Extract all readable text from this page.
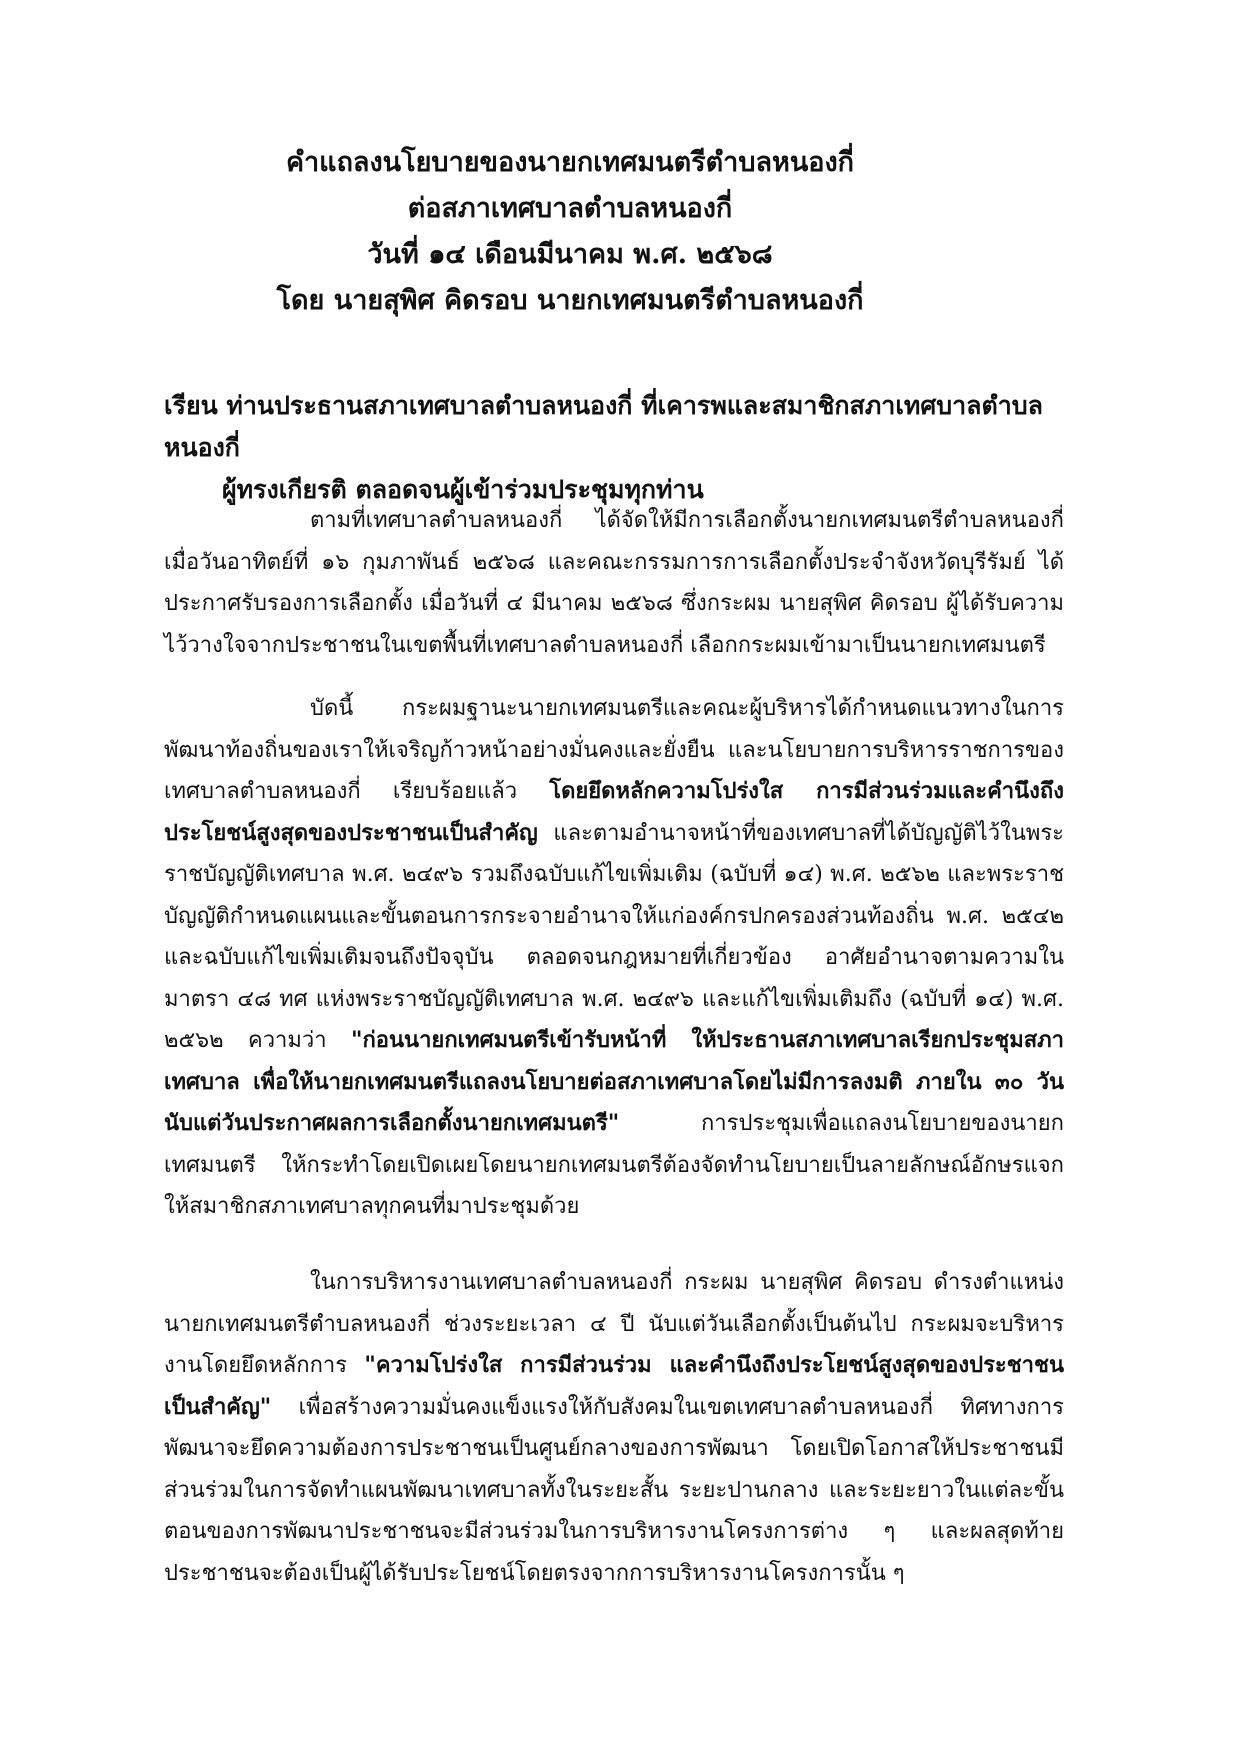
คำแถลงนโยบายของนายกเทศมนตรีตำบลหนองกี่
ต่อสภาเทศบาลตำบลหนองกี่
วันที่ ๑๔ เดือนมีนาคม พ.ศ. ๒๕๖๘
โดย นายสุพิศ คิดรอบ นายกเทศมนตรีตำบลหนองกี่
เรียน ท่านประธานสภาเทศบาลตำบลหนองกี่ ที่เคารพและสมาชิกสภาเทศบาลตำบลหนองกี่
ผู้ทรงเกียรติ ตลอดจนผู้เข้าร่วมประชุมทุกท่าน

ตามที่เทศบาลตำบลหนองกี่ ได้จัดให้มีการเลือกตั้งนายกเทศมนตรีตำบลหนองกี่ เมื่อวันอาทิตย์ที่ ๑๖ กุมภาพันธ์ ๒๕๖๘ และคณะกรรมการการเลือกตั้งประจำจังหวัดบุรีรัมย์ ได้ประกาศรับรองการเลือกตั้ง เมื่อวันที่ ๔ มีนาคม ๒๕๖๘ ซึ่งกระผม นายสุพิศ คิดรอบ ผู้ได้รับความไว้วางใจจากประชาชนในเขตพื้นที่เทศบาลตำบลหนองกี่ เลือกกระผมเข้ามาเป็นนายกเทศมนตรี

บัดนี้ กระผมฐานะนายกเทศมนตรีและคณะผู้บริหารได้กำหนดแนวทางในการพัฒนาท้องถิ่นของเราให้เจริญก้าวหน้าอย่างมั่นคงและยั่งยืน และนโยบายการบริหารราชการของเทศบาลตำบลหนองกี่ เรียบร้อยแล้ว โดยยึดหลักความโปร่งใส การมีส่วนร่วมและคำนึงถึงประโยชน์สูงสุดของประชาชนเป็นสำคัญ และตามอำนาจหน้าที่ของเทศบาลที่ได้บัญญัติไว้ในพระราชบัญญัติเทศบาล พ.ศ. ๒๔๙๖ รวมถึงฉบับแก้ไขเพิ่มเติม (ฉบับที่ ๑๔) พ.ศ. ๒๕๖๒ และพระราชบัญญัติกำหนดแผนและขั้นตอนการกระจายอำนาจให้แก่องค์กรปกครองส่วนท้องถิ่น พ.ศ. ๒๕๔๒ และฉบับแก้ไขเพิ่มเติมจนถึงปัจจุบัน ตลอดจนกฎหมายที่เกี่ยวข้อง อาศัยอำนาจตามความในมาตรา ๔๘ ทศ แห่งพระราชบัญญัติเทศบาล พ.ศ. ๒๔๙๖ และแก้ไขเพิ่มเติมถึง (ฉบับที่ ๑๔) พ.ศ. ๒๕๖๒ ความว่า "ก่อนนายกเทศมนตรีเข้ารับหน้าที่ ให้ประธานสภาเทศบาลเรียกประชุมสภาเทศบาล เพื่อให้นายกเทศมนตรีแถลงนโยบายต่อสภาเทศบาลโดยไม่มีการลงมติ ภายใน ๓๐ วัน นับแต่วันประกาศผลการเลือกตั้งนายกเทศมนตรี" การประชุมเพื่อแถลงนโยบายของนายกเทศมนตรี ให้กระทำโดยเปิดเผยโดยนายกเทศมนตรีต้องจัดทำนโยบายเป็นลายลักษณ์อักษรแจกให้สมาชิกสภาเทศบาลทุกคนที่มาประชุมด้วย

ในการบริหารงานเทศบาลตำบลหนองกี่ กระผม นายสุพิศ คิดรอบ ดำรงตำแหน่งนายกเทศมนตรีตำบลหนองกี่ ช่วงระยะเวลา ๔ ปี นับแต่วันเลือกตั้งเป็นต้นไป กระผมจะบริหารงานโดยยึดหลักการ "ความโปร่งใส การมีส่วนร่วม และคำนึงถึงประโยชน์สูงสุดของประชาชนเป็นสำคัญ" เพื่อสร้างความมั่นคงแข็งแรงให้กับสังคมในเขตเทศบาลตำบลหนองกี่ ทิศทางการพัฒนาจะยึดความต้องการประชาชนเป็นศูนย์กลางของการพัฒนา โดยเปิดโอกาสให้ประชาชนมีส่วนร่วมในการจัดทำแผนพัฒนาเทศบาลทั้งในระยะสั้น ระยะปานกลาง และระยะยาวในแต่ละขั้นตอนของการพัฒนาประชาชนจะมีส่วนร่วมในการบริหารงานโครงการต่าง ๆ และผลสุดท้ายประชาชนจะต้องเป็นผู้ได้รับประโยชน์โดยตรงจากการบริหารงานโครงการนั้น ๆ
